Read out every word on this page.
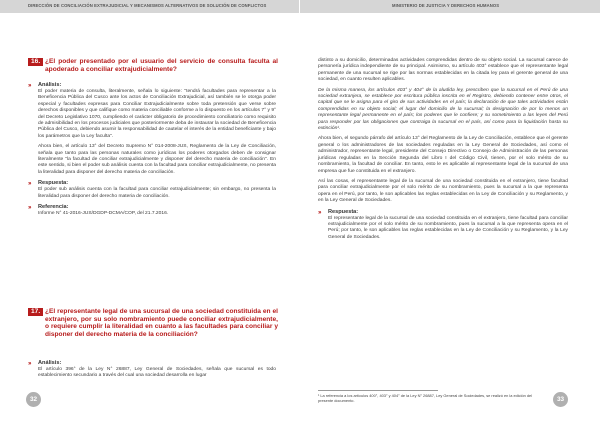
DIRECCIÓN DE CONCILIACIÓN EXTRAJUDICIAL Y MECANISMOS ALTERNATIVOS DE SOLUCIÓN DE CONFLICTOS	MINISTERIO DE JUSTICIA Y DERECHOS HUMANOS
16. ¿El poder presentado por el usuario del servicio de consulta faculta al apoderado a conciliar extrajudicialmente?
›› Análisis:

El poder materia de consulta, literalmente, señala lo siguiente: "tendrá facultades para representar a la Beneficencia Pública del Cusco ante los actos de Conciliación Extrajudicial, así también se le otorga poder especial y facultades expresas para Conciliar Extrajudicialmente sobre toda pretensión que verse sobre derechos disponibles y que califique como materia conciliable conforme a lo dispuesto en los artículos 7° y 9° del Decreto Legislativo 1070, cumpliendo el carácter obligatorio de procedimiento conciliatorio como requisito de admisibilidad en los procesos judiciales que posteriormente deba de instaurar la sociedad de Beneficencia Pública del Cusco, debiendo asumir la responsabilidad de cautelar el interés de la entidad beneficiante y bajo los parámetros que la Ley faculta".

Ahora bien, el artículo 13° del Decreto Supremo N° 014-2008-JUS, Reglamento de la Ley de Conciliación, señala que tanto para las personas naturales como jurídicas los poderes otorgados deben de consignar literalmente "la facultad de conciliar extrajudicialmente y disponer del derecho materia de conciliación". En este sentido, si bien el poder sub análisis cuenta con la facultad para conciliar extrajudicialmente, no presenta la literalidad para disponer del derecho materia de conciliación.

›› Respuesta:

El poder sub análisis cuenta con la facultad para conciliar extrajudicialmente; sin embargo, no presenta la literalidad para disponer del derecho materia de conciliación.

›› Referencia:

Informe N° 41-2016-JUS/DGDP-DCMA/COP, del 21.7.2016.

17. ¿El representante legal de una sucursal de una sociedad constituida en el extranjero, por su solo nombramiento puede conciliar extrajudicialmente, o requiere cumplir la literalidad en cuanto a las facultades para conciliar y disponer del derecho materia de la conciliación?
›› Análisis:

El artículo 396° de la Ley N° 26887, Ley General de Sociedades, señala que sucursal es todo establecimiento secundario a través del cual una sociedad desarrolla en lugar

distinto a su domicilio, determinadas actividades comprendidas dentro de su objeto social. La sucursal carece de personería jurídica independiente de su principal. Asimismo, su artículo 403° establece que el representante legal permanente de una sucursal se rige por las normas establecidas en la citada ley para el gerente general de una sociedad, en cuanto resulten aplicables.

De la misma manera, los artículos 403° y 404° de la aludida ley, prescriben que la sucursal en el Perú de una sociedad extranjera, se establece por escritura pública inscrita en el Registro, debiendo contener entre otros, el capital que se le asigna para el giro de sus actividades en el país; la declaración de que tales actividades están comprendidas en su objeto social; el lugar del domicilio de la sucursal; la designación de por lo menos un representante legal permanente en el país; los poderes que le confiere; y su sometimiento a las leyes del Perú para responder por las obligaciones que contraiga la sucursal en el país, así como para la liquidación hasta su extinción¹.

Ahora bien, el segundo párrafo del artículo 13° del Reglamento de la Ley de Conciliación, establece que el gerente general o los administradores de las sociedades reguladas en la Ley General de Sociedades, así como el administrador, representante legal, presidente del Consejo Directivo o Consejo de Administración de las personas jurídicas reguladas en la Sección Segunda del Libro I del Código Civil, tienen, por el solo mérito de su nombramiento, la facultad de conciliar. En tanto, esto le es aplicable al representante legal de la sucursal de una empresa que fue constituida en el extranjero.

Así las cosas, el representante legal de la sucursal de una sociedad constituida en el extranjero, tiene facultad para conciliar extrajudicialmente por el solo mérito de su nombramiento, pues la sucursal a la que representa opera en el Perú, por tanto, le son aplicables las reglas establecidas en la Ley de Conciliación y su Reglamento, y en la Ley General de Sociedades.

›› Respuesta:

El representante legal de la sucursal de una sociedad constituida en el extranjero, tiene facultad para conciliar extrajudicialmente por el solo mérito de su nombramiento, pues la sucursal a la que representa opera en el Perú; por tanto, le son aplicables las reglas establecidas en la Ley de Conciliación y su Reglamento, y la Ley General de Sociedades.

¹ La referencia a los artículos 400°, 403° y 404° de la Ley N° 26887, Ley General de Sociedades, se realizó en la edición del presente documento.
32	33
